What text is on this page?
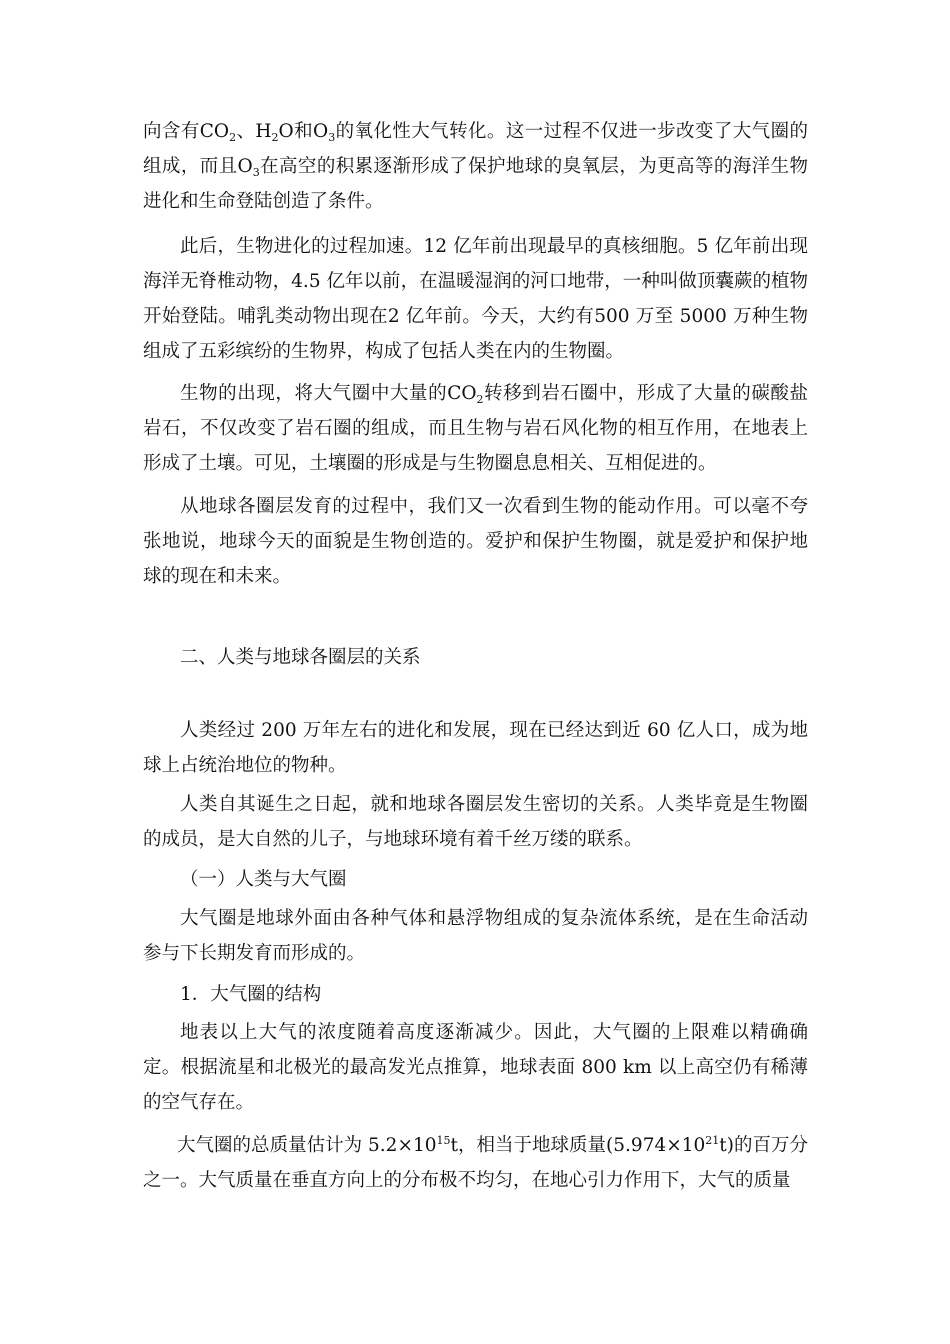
向含有$CO_2$、$H_2O$和$O_3$的氧化性大气转化。这一过程不仅进一步改变了大气圈的组成，而且$O_3$在高空的积累逐渐形成了保护地球的臭氧层，为更高等的海洋生物进化和生命登陆创造了条件。

此后，生物进化的过程加速。12 亿年前出现最早的真核细胞。5 亿年前出现海洋无脊椎动物，4.5 亿年以前，在温暖湿润的河口地带，一种叫做顶囊蕨的植物开始登陆。哺乳类动物出现在2 亿年前。今天，大约有500 万至 5000 万种生物组成了五彩缤纷的生物界，构成了包括人类在内的生物圈。

生物的出现，将大气圈中大量的$CO_2$转移到岩石圈中，形成了大量的碳酸盐岩石，不仅改变了岩石圈的组成，而且生物与岩石风化物的相互作用，在地表上形成了土壤。可见，土壤圈的形成是与生物圈息息相关、互相促进的。

从地球各圈层发育的过程中，我们又一次看到生物的能动作用。可以毫不夸张地说，地球今天的面貌是生物创造的。爱护和保护生物圈，就是爱护和保护地球的现在和未来。

二、人类与地球各圈层的关系

人类经过 200 万年左右的进化和发展，现在已经达到近 60 亿人口，成为地球上占统治地位的物种。

人类自其诞生之日起，就和地球各圈层发生密切的关系。人类毕竟是生物圈的成员，是大自然的儿子，与地球环境有着千丝万缕的联系。

（一）人类与大气圈

大气圈是地球外面由各种气体和悬浮物组成的复杂流体系统，是在生命活动参与下长期发育而形成的。

1．大气圈的结构

地表以上大气的浓度随着高度逐渐减少。因此，大气圈的上限难以精确确定。根据流星和北极光的最高发光点推算，地球表面 800 km 以上高空仍有稀薄的空气存在。

大气圈的总质量估计为 $5.2\times 10^{15}t$，相当于地球质量$(5.974\times 10^{21}t)$的百万分之一。大气质量在垂直方向上的分布极不均匀，在地心引力作用下，大气的质量
